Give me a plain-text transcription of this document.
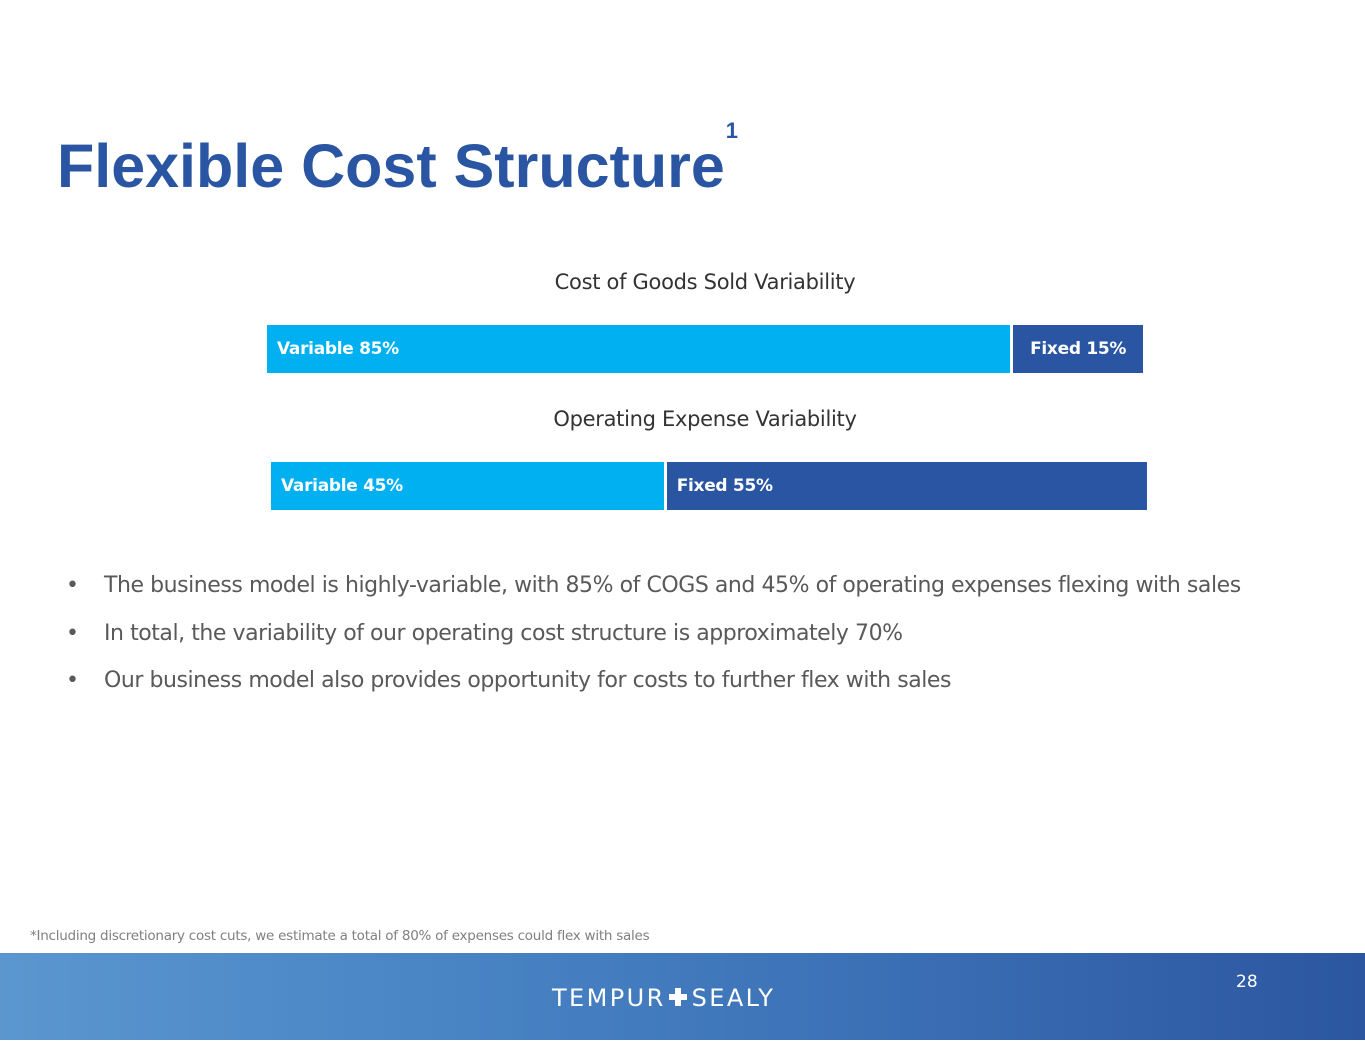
Flexible Cost Structure$^1$
Cost of Goods Sold Variability
Variable 85%	Fixed 15%
Operating Expense Variability
Variable 45%	Fixed 55%
• The business model is highly-variable, with 85% of COGS and 45% of operating expenses flexing with sales
• In total, the variability of our operating cost structure is approximately 70%
• Our business model also provides opportunity for costs to further flex with sales
*Including discretionary cost cuts, we estimate a total of 80% of expenses could flex with sales
TEMPUR SEALY
28
